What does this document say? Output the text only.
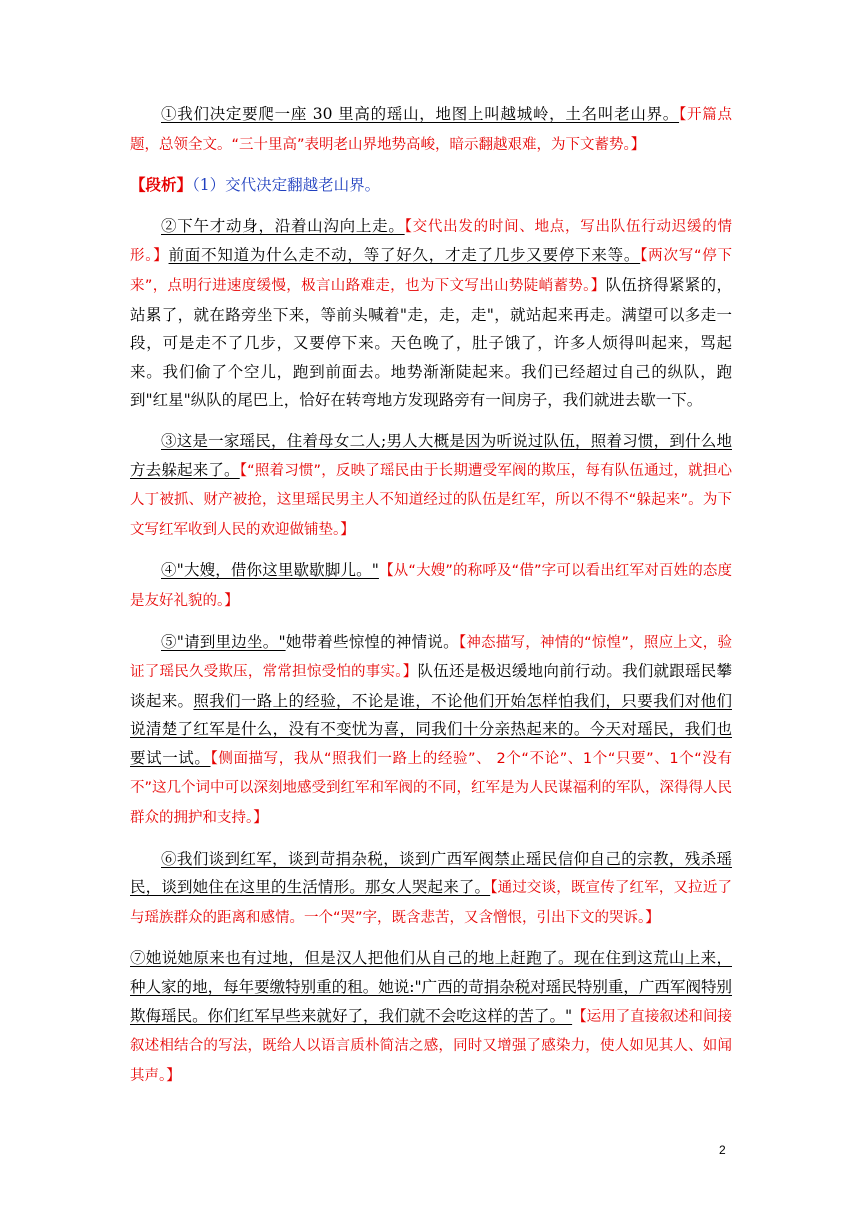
①我们决定要爬一座 30 里高的瑶山，地图上叫越城岭，土名叫老山界。【开篇点题，总领全文。“三十里高”表明老山界地势高峻，暗示翻越艰难，为下文蓄势。】

【段析】（1）交代决定翻越老山界。

②下午才动身，沿着山沟向上走。【交代出发的时间、地点，写出队伍行动迟缓的情形。】前面不知道为什么走不动，等了好久，才走了几步又要停下来等。【两次写“停下来”，点明行进速度缓慢，极言山路难走，也为下文写出山势陡峭蓄势。】队伍挤得紧紧的，站累了，就在路旁坐下来，等前头喊着"走，走，走"，就站起来再走。满望可以多走一段，可是走不了几步，又要停下来。天色晚了，肚子饿了，许多人烦得叫起来，骂起来。我们偷了个空儿，跑到前面去。地势渐渐陡起来。我们已经超过自己的纵队，跑到"红星"纵队的尾巴上，恰好在转弯地方发现路旁有一间房子，我们就进去歇一下。

③这是一家瑶民，住着母女二人;男人大概是因为听说过队伍，照着习惯，到什么地方去躲起来了。【“照着习惯”，反映了瑶民由于长期遭受军阀的欺压，每有队伍通过，就担心人丁被抓、财产被抢，这里瑶民男主人不知道经过的队伍是红军，所以不得不“躲起来”。为下文写红军收到人民的欢迎做铺垫。】

④"大嫂，借你这里歇歇脚儿。"【从“大嫂”的称呼及“借”字可以看出红军对百姓的态度是友好礼貌的。】

⑤"请到里边坐。"她带着些惊惶的神情说。【神态描写，神情的“惊惶”，照应上文，验证了瑶民久受欺压，常常担惊受怕的事实。】队伍还是极迟缓地向前行动。我们就跟瑶民攀谈起来。照我们一路上的经验，不论是谁，不论他们开始怎样怕我们，只要我们对他们说清楚了红军是什么，没有不变忧为喜，同我们十分亲热起来的。今天对瑶民，我们也要试一试。【侧面描写，我从“照我们一路上的经验”、 2个“不论”、1个“只要”、1个“没有不”这几个词中可以深刻地感受到红军和军阀的不同，红军是为人民谋福利的军队，深得得人民群众的拥护和支持。】

⑥我们谈到红军，谈到苛捐杂税，谈到广西军阀禁止瑶民信仰自己的宗教，残杀瑶民，谈到她住在这里的生活情形。那女人哭起来了。【通过交谈，既宣传了红军，又拉近了与瑶族群众的距离和感情。一个“哭”字，既含悲苦，又含憎恨，引出下文的哭诉。】

⑦她说她原来也有过地，但是汉人把他们从自己的地上赶跑了。现在住到这荒山上来，种人家的地，每年要缴特别重的租。她说:"广西的苛捐杂税对瑶民特别重，广西军阀特别欺侮瑶民。你们红军早些来就好了，我们就不会吃这样的苦了。"【运用了直接叙述和间接叙述相结合的写法，既给人以语言质朴简洁之感，同时又增强了感染力，使人如见其人、如闻其声。】

2
